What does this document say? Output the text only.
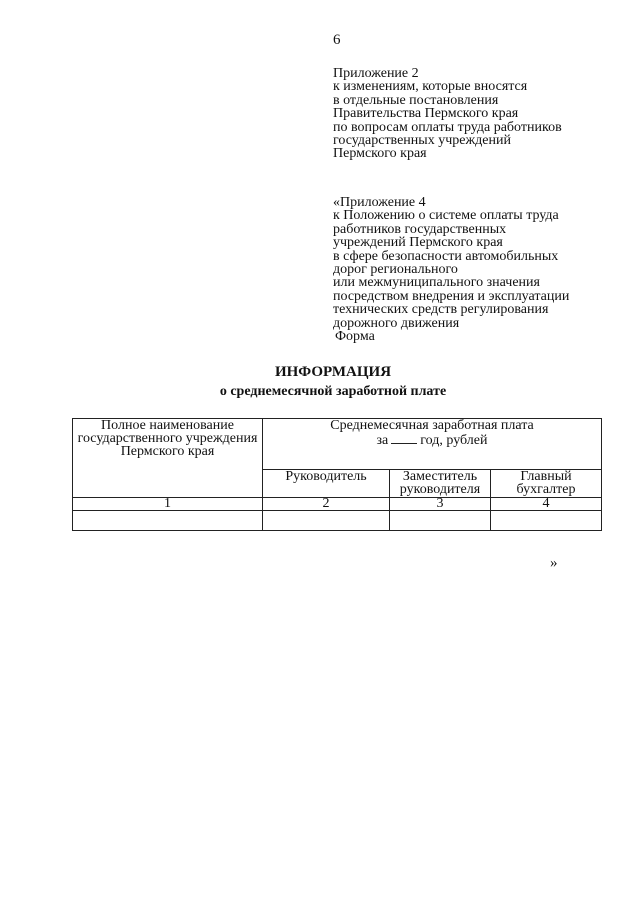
6
Приложение 2
к изменениям, которые вносятся
в отдельные постановления
Правительства Пермского края
по вопросам оплаты труда работников
государственных учреждений
Пермского края
«Приложение 4
к Положению о системе оплаты труда
работников государственных
учреждений Пермского края
в сфере безопасности автомобильных
дорог регионального
или межмуниципального значения
посредством внедрения и эксплуатации
технических средств регулирования
дорожного движения
Форма
ИНФОРМАЦИЯ
о среднемесячной заработной плате
Полное наименование государственного учреждения Пермского края	Среднемесячная заработная плата
за год, рублей		

	Руководитель	Заместитель руководителя	Главный бухгалтер
1	2	3	4

»
